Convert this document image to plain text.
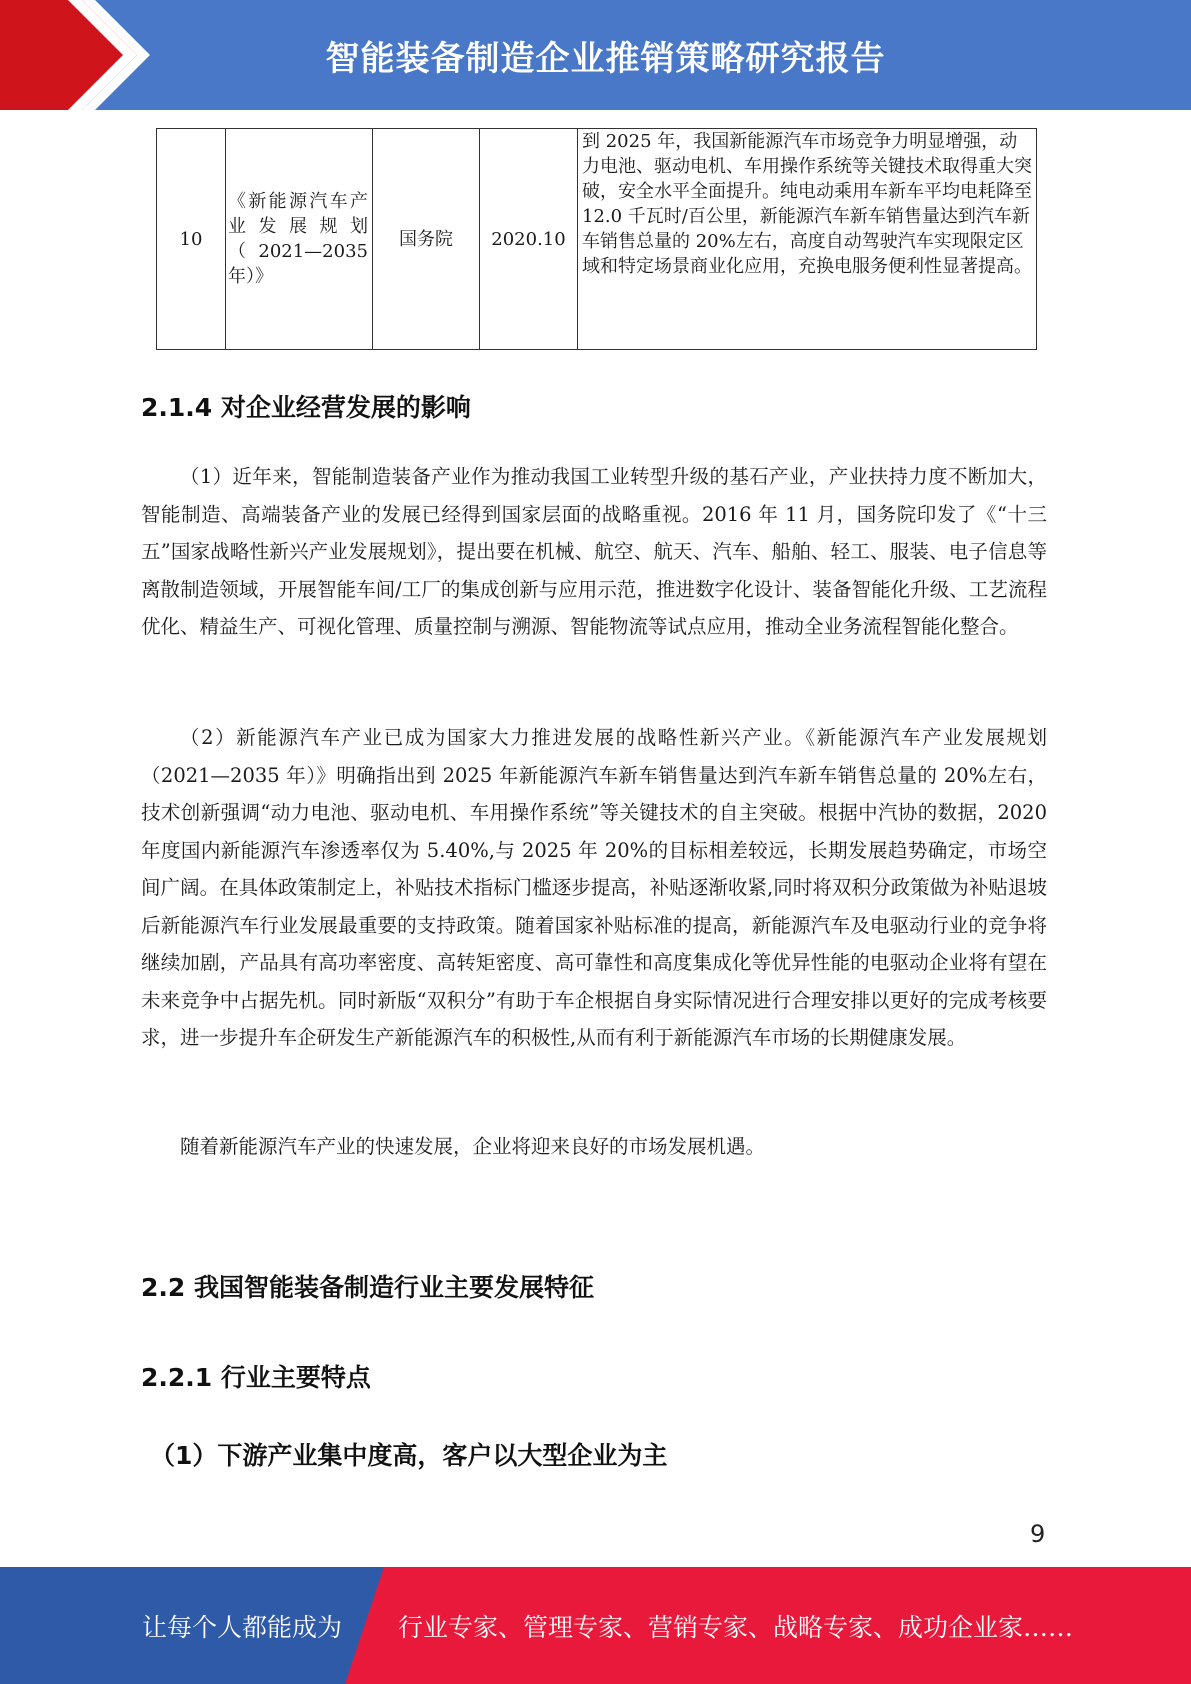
智能装备制造企业推销策略研究报告
10	《新能源汽车产业发展规划（2021—2035年）》	国务院	2020.10	到 2025 年，我国新能源汽车市场竞争力明显增强，动力电池、驱动电机、车用操作系统等关键技术取得重大突破，安全水平全面提升。纯电动乘用车新车平均电耗降至 12.0 千瓦时/百公里，新能源汽车新车销售量达到汽车新车销售总量的 20%左右，高度自动驾驶汽车实现限定区域和特定场景商业化应用，充换电服务便利性显著提高。
2.1.4 对企业经营发展的影响

（1）近年来，智能制造装备产业作为推动我国工业转型升级的基石产业，产业扶持力度不断加大，智能制造、高端装备产业的发展已经得到国家层面的战略重视。2016 年 11 月，国务院印发了《“十三五”国家战略性新兴产业发展规划》，提出要在机械、航空、航天、汽车、船舶、轻工、服装、电子信息等离散制造领域，开展智能车间/工厂的集成创新与应用示范，推进数字化设计、装备智能化升级、工艺流程优化、精益生产、可视化管理、质量控制与溯源、智能物流等试点应用，推动全业务流程智能化整合。

（2）新能源汽车产业已成为国家大力推进发展的战略性新兴产业。《新能源汽车产业发展规划（2021—2035 年）》明确指出到 2025 年新能源汽车新车销售量达到汽车新车销售总量的 20%左右，技术创新强调“动力电池、驱动电机、车用操作系统”等关键技术的自主突破。根据中汽协的数据，2020 年度国内新能源汽车渗透率仅为 5.40%,与 2025 年 20%的目标相差较远，长期发展趋势确定，市场空间广阔。在具体政策制定上，补贴技术指标门槛逐步提高，补贴逐渐收紧,同时将双积分政策做为补贴退坡后新能源汽车行业发展最重要的支持政策。随着国家补贴标准的提高，新能源汽车及电驱动行业的竞争将继续加剧，产品具有高功率密度、高转矩密度、高可靠性和高度集成化等优异性能的电驱动企业将有望在未来竞争中占据先机。同时新版“双积分”有助于车企根据自身实际情况进行合理安排以更好的完成考核要求，进一步提升车企研发生产新能源汽车的积极性,从而有利于新能源汽车市场的长期健康发展。

随着新能源汽车产业的快速发展，企业将迎来良好的市场发展机遇。

2.2 我国智能装备制造行业主要发展特征
2.2.1 行业主要特点
（1）下游产业集中度高，客户以大型企业为主
9
让每个人都能成为 行业专家、管理专家、营销专家、战略专家、成功企业家……
